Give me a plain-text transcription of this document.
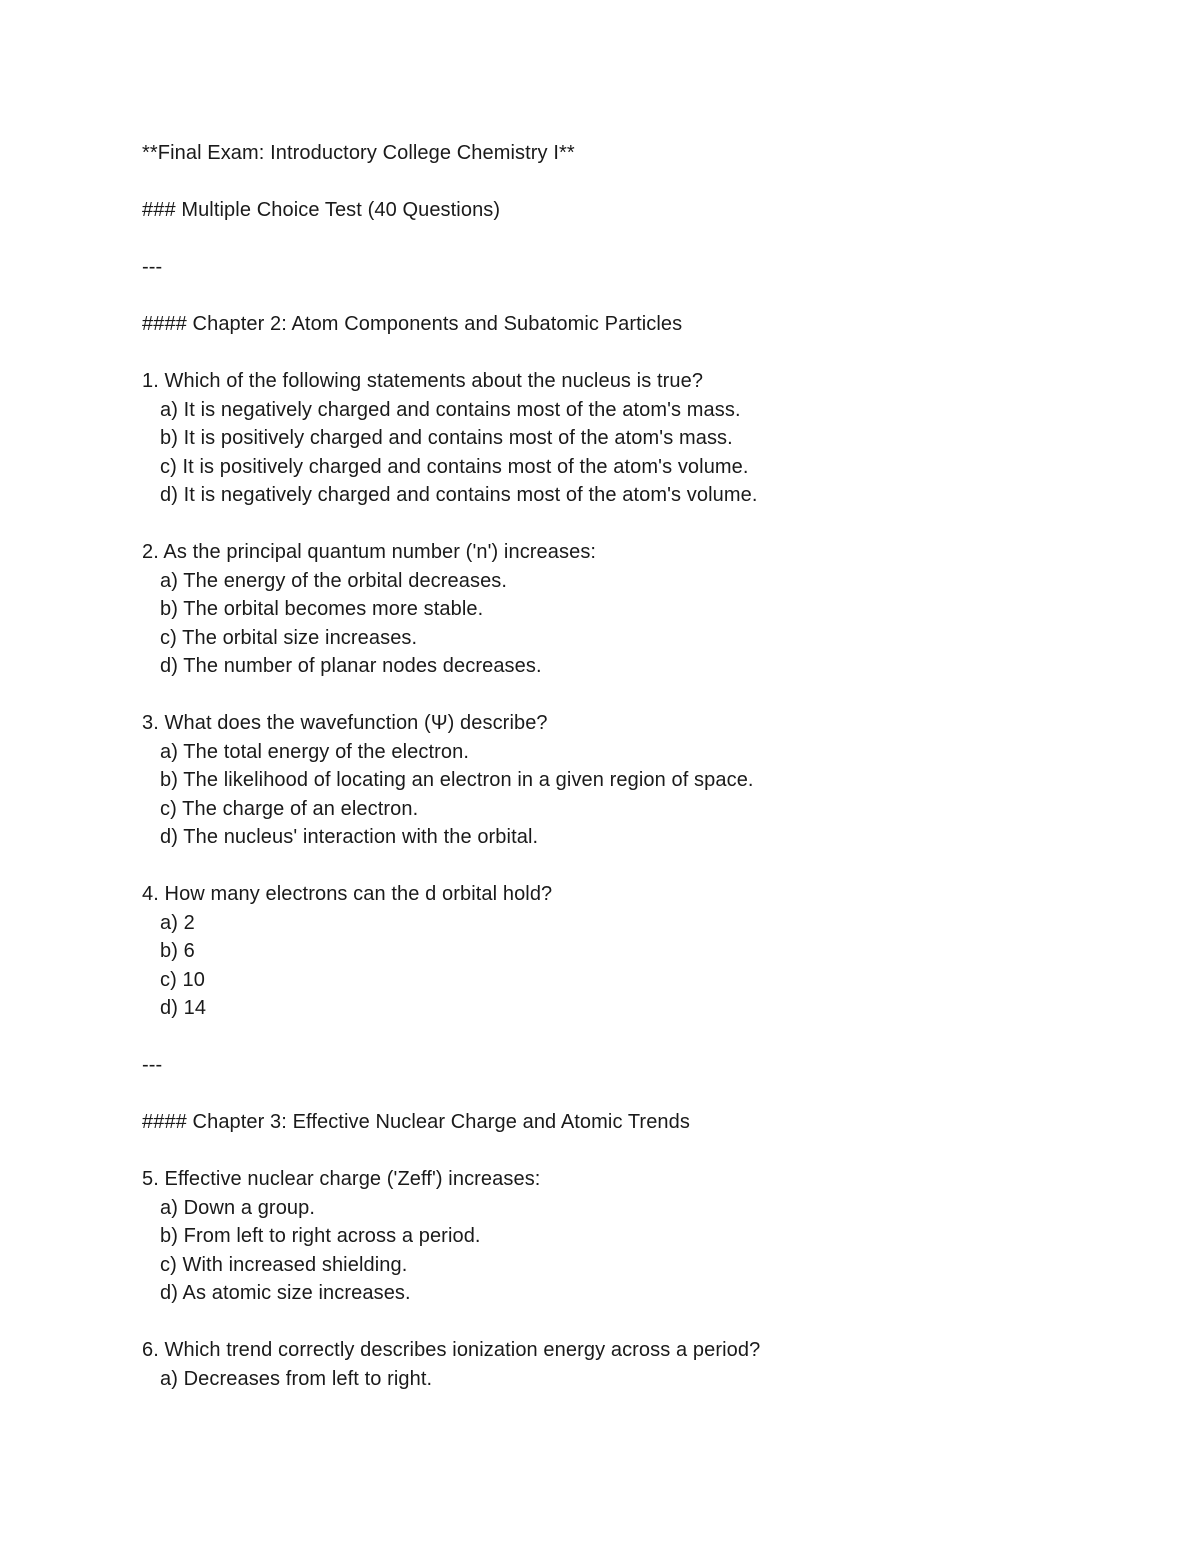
**Final Exam: Introductory College Chemistry I**
### Multiple Choice Test (40 Questions)
---
#### Chapter 2: Atom Components and Subatomic Particles
1. Which of the following statements about the nucleus is true?
a) It is negatively charged and contains most of the atom's mass.
b) It is positively charged and contains most of the atom's mass.
c) It is positively charged and contains most of the atom's volume.
d) It is negatively charged and contains most of the atom's volume.
2. As the principal quantum number ('n') increases:
a) The energy of the orbital decreases.
b) The orbital becomes more stable.
c) The orbital size increases.
d) The number of planar nodes decreases.
3. What does the wavefunction (Ψ) describe?
a) The total energy of the electron.
b) The likelihood of locating an electron in a given region of space.
c) The charge of an electron.
d) The nucleus' interaction with the orbital.
4. How many electrons can the d orbital hold?
a) 2
b) 6
c) 10
d) 14
---
#### Chapter 3: Effective Nuclear Charge and Atomic Trends
5. Effective nuclear charge ('Zeff') increases:
a) Down a group.
b) From left to right across a period.
c) With increased shielding.
d) As atomic size increases.
6. Which trend correctly describes ionization energy across a period?
a) Decreases from left to right.
